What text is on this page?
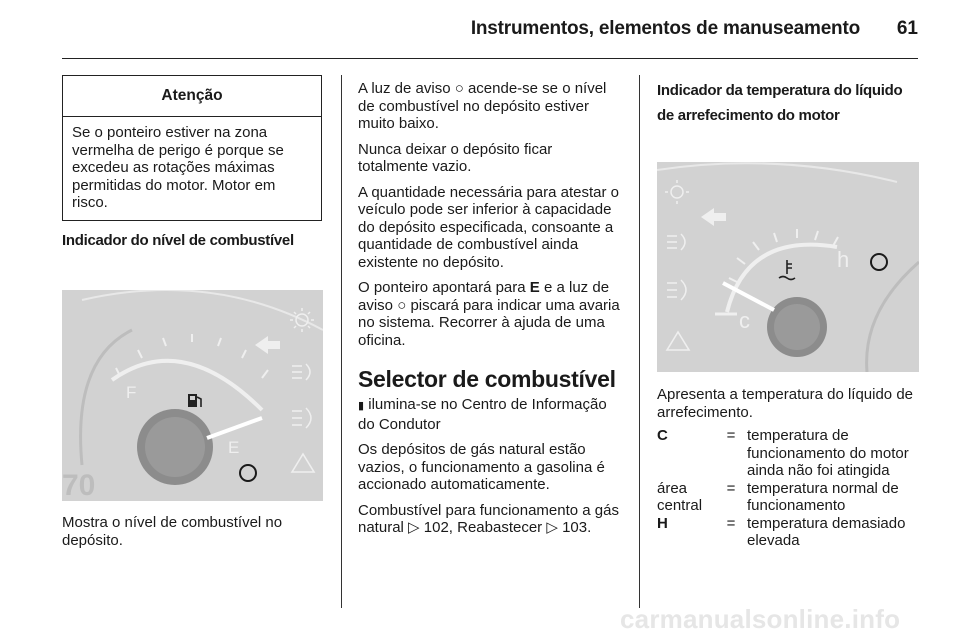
Instrumentos, elementos de manuseamento 61
Atenção
Se o ponteiro estiver na zona vermelha de perigo é porque se excedeu as rotações máximas permitidas do motor. Motor em risco.
Indicador do nível de combustível
F
E
70
Mostra o nível de combustível no depósito.

A luz de aviso ○ acende-se se o nível de combustível no depósito estiver muito baixo.

Nunca deixar o depósito ficar totalmente vazio.

A quantidade necessária para atestar o veículo pode ser inferior à capacidade do depósito especificada, consoante a quantidade de combustível ainda existente no depósito.

O ponteiro apontará para E e a luz de aviso ○ piscará para indicar uma avaria no sistema. Recorrer à ajuda de uma oficina.

Selector de combustível

▮ ilumina-se no Centro de Informação do Condutor

Os depósitos de gás natural estão vazios, o funcionamento a gasolina é accionado automaticamente.

Combustível para funcionamento a gás natural ▷ 102, Reabastecer ▷ 103.

Indicador da temperatura do líquido de arrefecimento do motor
h
c
Apresenta a temperatura do líquido de arrefecimento.
C	=	temperatura de funcionamento do motor ainda não foi atingida
área central	=	temperatura normal de funcionamento
H	=	temperatura demasiado elevada
carmanualsonline.info
